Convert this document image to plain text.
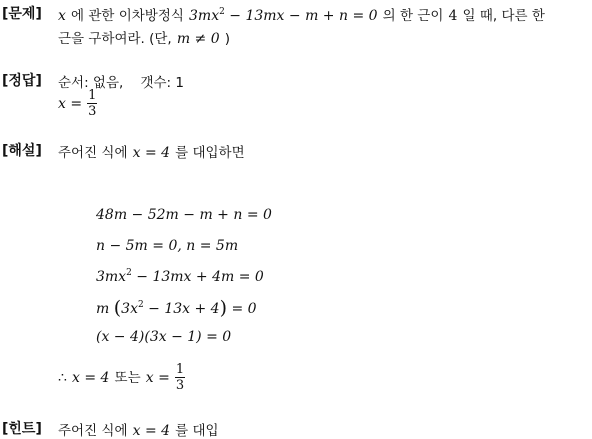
[문제] x 에 관한 이차방정식 $3mx^2 - 13mx - m + n = 0$ 의 한 근이 4 일 때, 다른 한
근을 구하여라. (단, m ≠ 0 )
[정답] 순서: 없음,    갯수: 1
$x = \frac{1}{3}$
[해설] 주어진 식에 x = 4 를 대입하면
48m − 52m − m + n = 0
n − 5m = 0, n = 5m
$3mx^2 - 13mx + 4m = 0$
m $(3x^2 - 13x + 4) = 0$
(x − 4)(3x − 1) = 0
∴ x = 4 또는 $x = \frac{1}{3}$
[힌트] 주어진 식에 x = 4 를 대입
